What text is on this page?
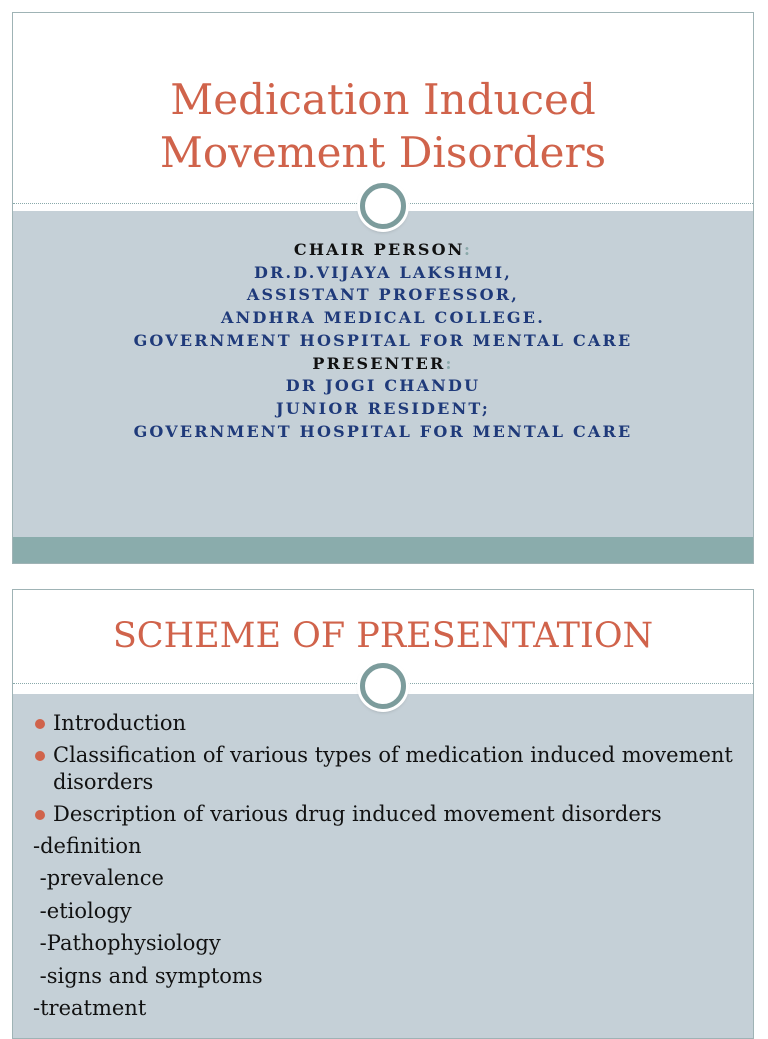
Medication Induced
Movement Disorders
CHAIR PERSON:
DR.D.VIJAYA LAKSHMI,
ASSISTANT PROFESSOR,
ANDHRA MEDICAL COLLEGE.
GOVERNMENT HOSPITAL FOR MENTAL CARE
PRESENTER:
DR JOGI CHANDU
JUNIOR RESIDENT;
GOVERNMENT HOSPITAL FOR MENTAL CARE
SCHEME OF PRESENTATION
Introduction
Classification of various types of medication induced movement disorders
Description of various drug induced movement disorders
-definition
-prevalence
-etiology
-Pathophysiology
-signs and symptoms
-treatment
